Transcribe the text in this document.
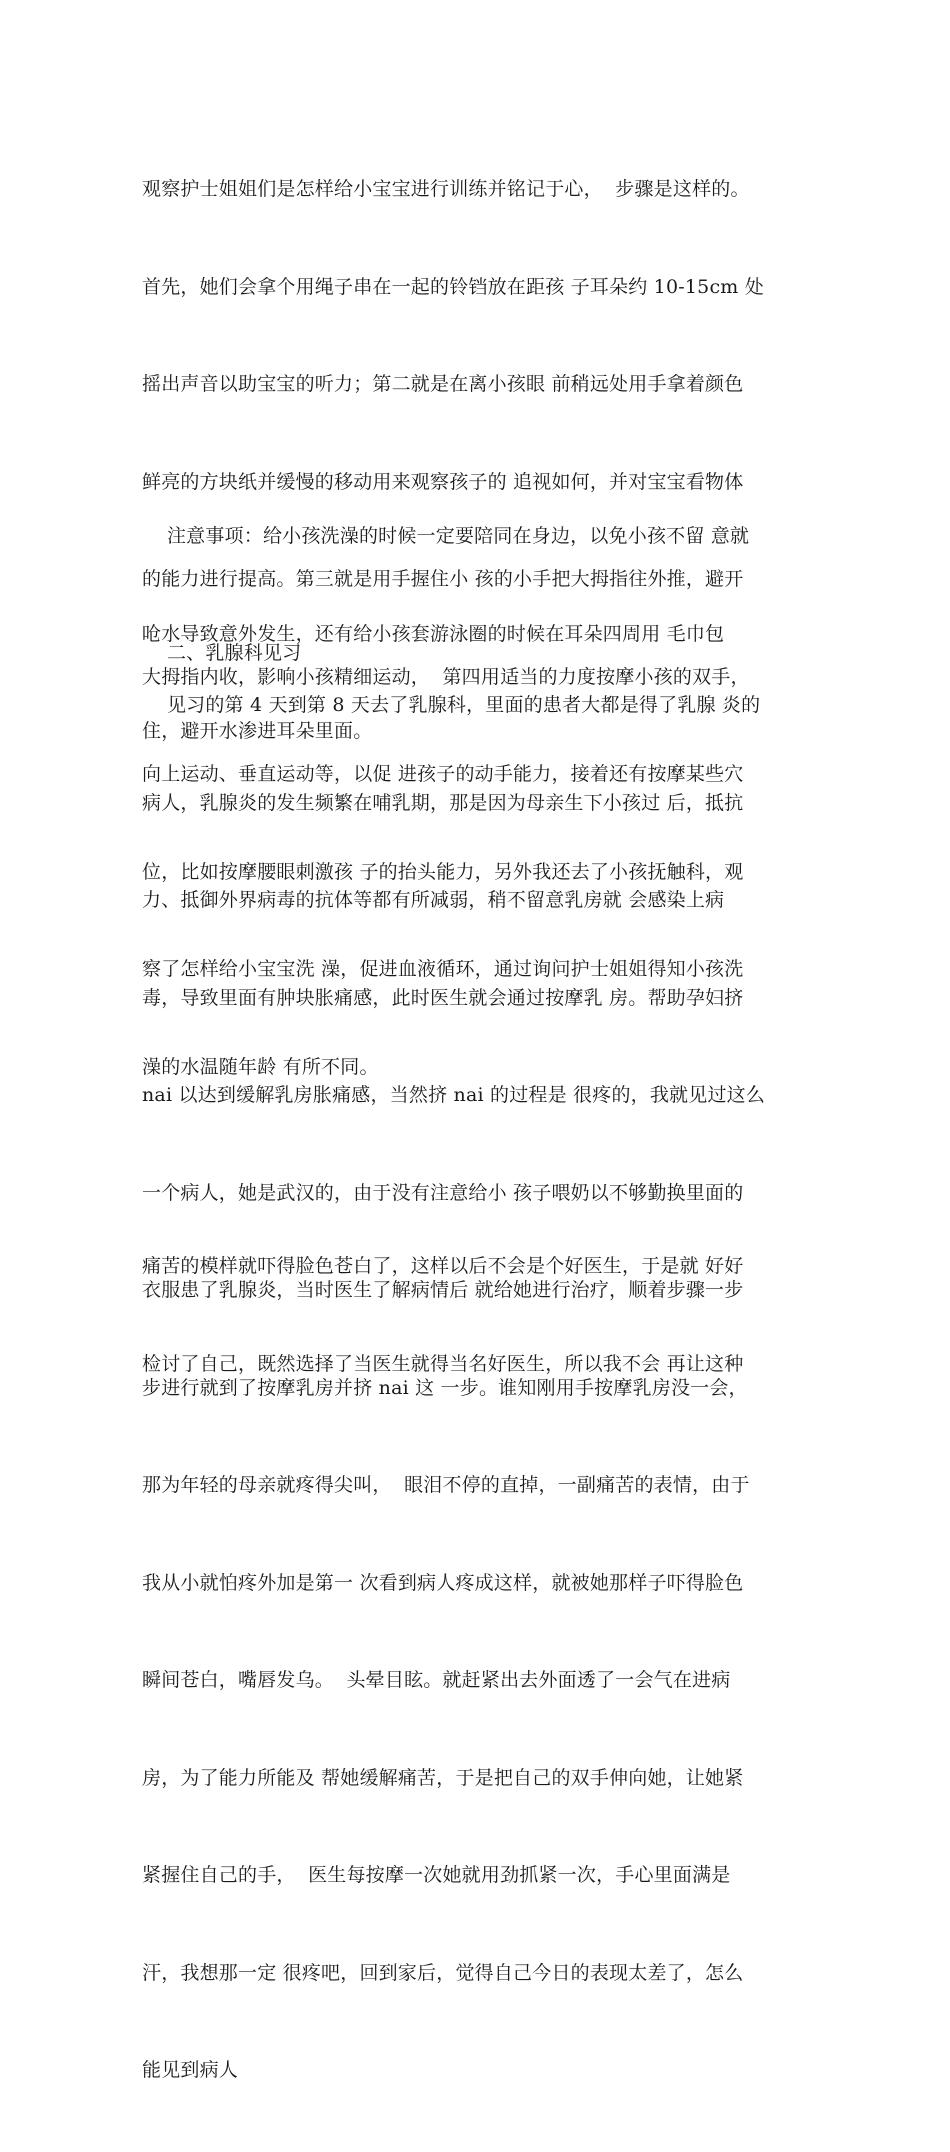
观察护士姐姐们是怎样给小宝宝进行训练并铭记于心，  步骤是这样的。

首先，她们会拿个用绳子串在一起的铃铛放在距孩 子耳朵约 10-15cm 处

摇出声音以助宝宝的听力；第二就是在离小孩眼 前稍远处用手拿着颜色

鲜亮的方块纸并缓慢的移动用来观察孩子的 追视如何，并对宝宝看物体

的能力进行提高。第三就是用手握住小 孩的小手把大拇指往外推，避开

大拇指内收，影响小孩精细运动，  第四用适当的力度按摩小孩的双手，

向上运动、垂直运动等，以促 进孩子的动手能力，接着还有按摩某些穴

位，比如按摩腰眼刺激孩 子的抬头能力，另外我还去了小孩抚触科，观

察了怎样给小宝宝洗 澡，促进血液循环，通过询问护士姐姐得知小孩洗

澡的水温随年龄 有所不同。

注意事项：给小孩洗澡的时候一定要陪同在身边，以免小孩不留 意就

呛水导致意外发生，还有给小孩套游泳圈的时候在耳朵四周用 毛巾包

住，避开水渗进耳朵里面。

二、乳腺科见习

见习的第 4 天到第 8 天去了乳腺科，里面的患者大都是得了乳腺 炎的

病人，乳腺炎的发生频繁在哺乳期，那是因为母亲生下小孩过 后，抵抗

力、抵御外界病毒的抗体等都有所减弱，稍不留意乳房就 会感染上病

毒，导致里面有肿块胀痛感，此时医生就会通过按摩乳 房。帮助孕妇挤

nai 以达到缓解乳房胀痛感，当然挤 nai 的过程是 很疼的，我就见过这么

一个病人，她是武汉的，由于没有注意给小 孩子喂奶以不够勤换里面的

衣服患了乳腺炎，当时医生了解病情后 就给她进行治疗，顺着步骤一步

步进行就到了按摩乳房并挤 nai 这 一步。谁知刚用手按摩乳房没一会，

那为年轻的母亲就疼得尖叫，  眼泪不停的直掉，一副痛苦的表情，由于

我从小就怕疼外加是第一 次看到病人疼成这样，就被她那样子吓得脸色

瞬间苍白，嘴唇发乌。  头晕目眩。就赶紧出去外面透了一会气在进病

房，为了能力所能及 帮她缓解痛苦，于是把自己的双手伸向她，让她紧

紧握住自己的手，  医生每按摩一次她就用劲抓紧一次，手心里面满是

汗，我想那一定 很疼吧，回到家后，觉得自己今日的表现太差了，怎么

能见到病人

痛苦的模样就吓得脸色苍白了，这样以后不会是个好医生，于是就 好好

检讨了自己，既然选择了当医生就得当名好医生，所以我不会 再让这种
